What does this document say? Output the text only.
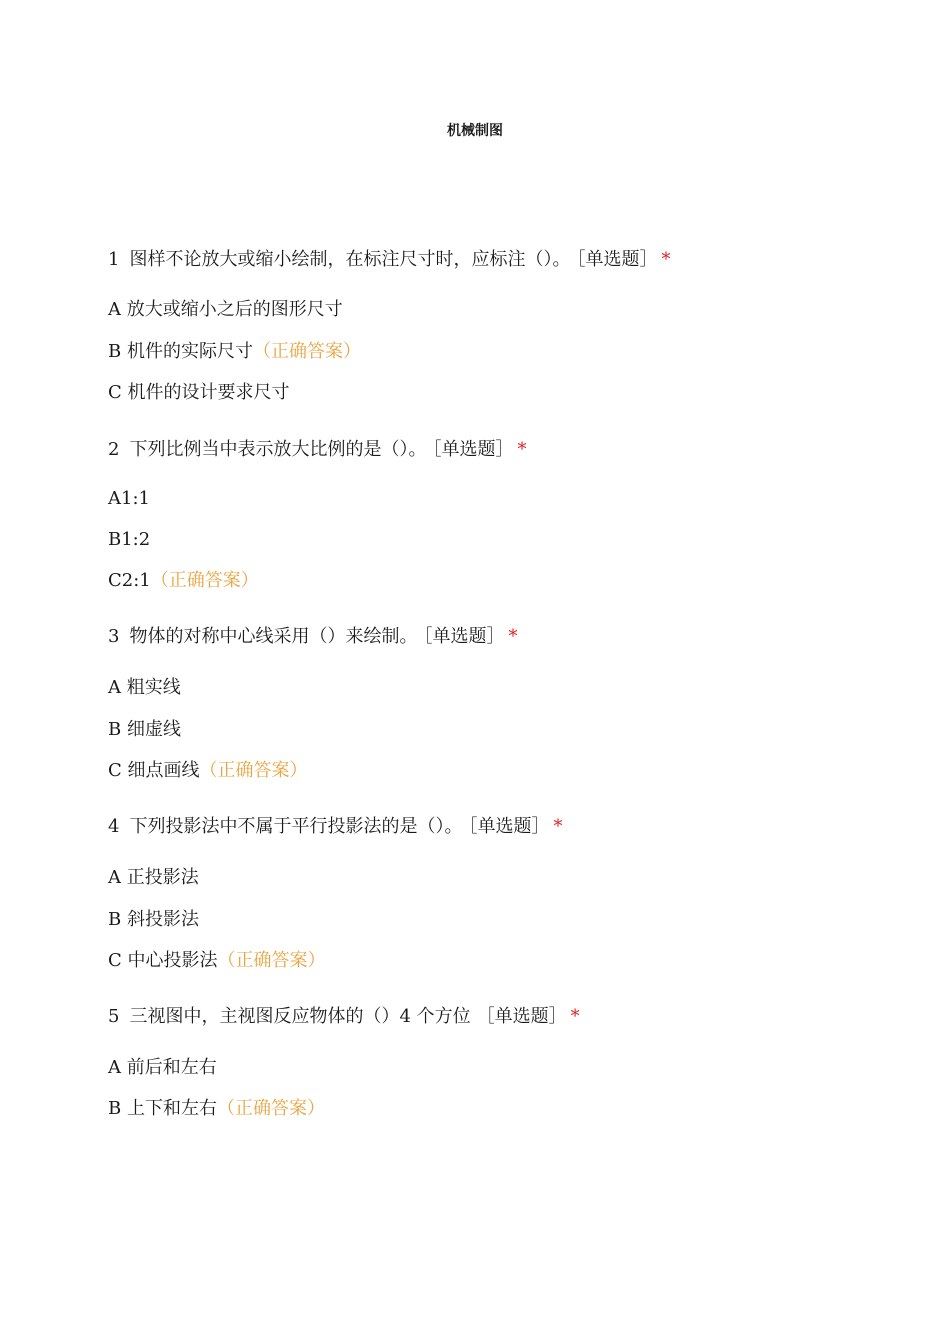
机械制图
1 图样不论放大或缩小绘制，在标注尺寸时，应标注（）。 ［单选题］ *
A 放大或缩小之后的图形尺寸
B 机件的实际尺寸（正确答案）
C 机件的设计要求尺寸
2 下列比例当中表示放大比例的是（）。 ［单选题］ *
A1:1
B1:2
C2:1（正确答案）
3 物体的对称中心线采用（）来绘制。 ［单选题］ *
A 粗实线
B 细虚线
C 细点画线（正确答案）
4 下列投影法中不属于平行投影法的是（）。 ［单选题］ *
A 正投影法
B 斜投影法
C 中心投影法（正确答案）
5 三视图中，主视图反应物体的（）4 个方位 ［单选题］ *
A 前后和左右
B 上下和左右（正确答案）
